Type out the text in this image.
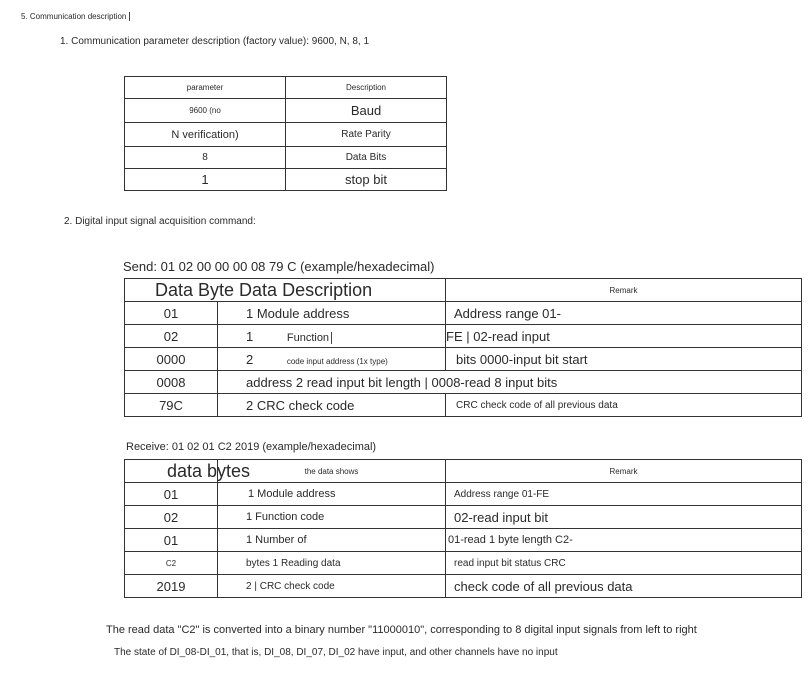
5. Communication description
1. Communication parameter description (factory value): 9600, N, 8, 1
parameter	Description
9600 (no	Baud
N verification)	Rate Parity
8	Data Bits
1	stop bit
2. Digital input signal acquisition command:
Send: 01 02 00 00 00 08 79 C (example/hexadecimal)
Data Byte Data Description		Remark
01	1 Module address	Address range 01-
02	1 Function	FE | 02-read input
0000	2 code input address (1x type)	bits 0000-input bit start
0008	address 2 read input bit length | 0008-read 8 input bits	
79C	2 CRC check code	CRC check code of all previous data
Receive: 01 02 01 C2 2019 (example/hexadecimal)
data bytes	the data shows	Remark
01	1 Module address	Address range 01-FE
02	1 Function code	02-read input bit
01	1 Number of	01-read 1 byte length C2-
C2	bytes 1 Reading data	read input bit status CRC
2019	2 | CRC check code	check code of all previous data
The read data "C2" is converted into a binary number "11000010", corresponding to 8 digital input signals from left to right
The state of DI_08-DI_01, that is, DI_08, DI_07, DI_02 have input, and other channels have no input
